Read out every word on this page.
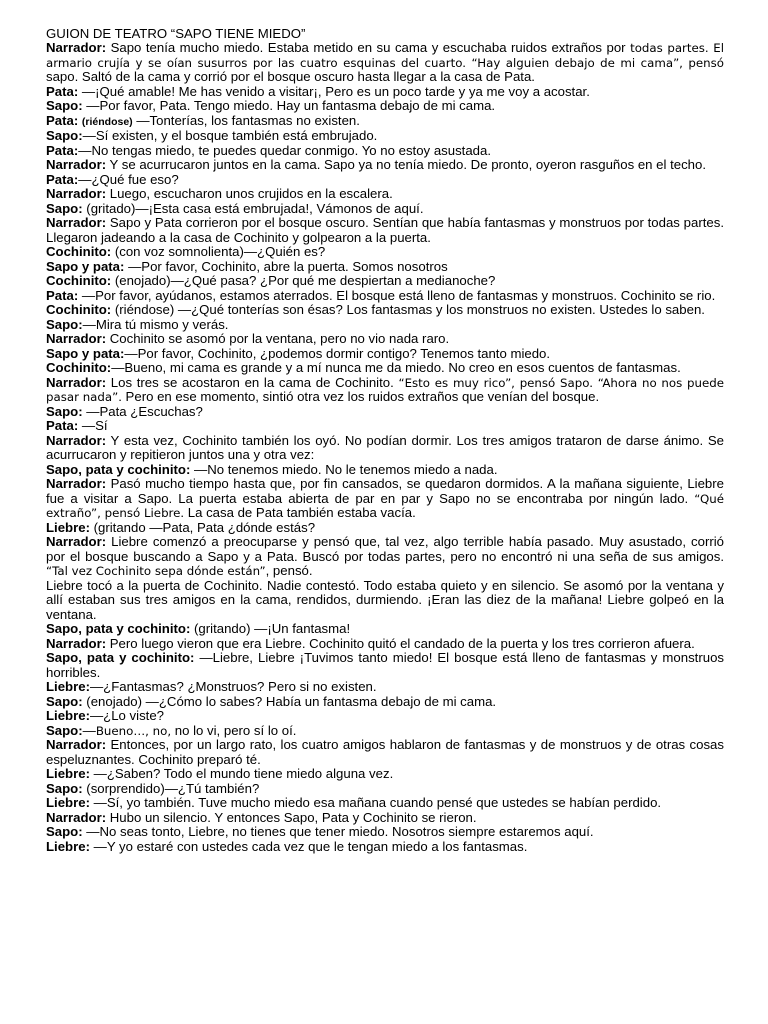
GUION DE TEATRO “SAPO TIENE MIEDO”

Narrador: Sapo tenía mucho miedo. Estaba metido en su cama y escuchaba ruidos extraños por todas partes. El armario crujía y se oían susurros por las cuatro esquinas del cuarto. “Hay alguien debajo de mi cama”, pensó sapo. Saltó de la cama y corrió por el bosque oscuro hasta llegar a la casa de Pata.

Pata: —¡Qué amable! Me has venido a visitar¡, Pero es un poco tarde y ya me voy a acostar.

Sapo: —Por favor, Pata. Tengo miedo. Hay un fantasma debajo de mi cama.

Pata: (riéndose) —Tonterías, los fantasmas no existen.

Sapo:—Sí existen, y el bosque también está embrujado.

Pata:—No tengas miedo, te puedes quedar conmigo. Yo no estoy asustada.

Narrador: Y se acurrucaron juntos en la cama. Sapo ya no tenía miedo. De pronto, oyeron rasguños en el techo.

Pata:—¿Qué fue eso?

Narrador: Luego, escucharon unos crujidos en la escalera.

Sapo: (gritado)—¡Esta casa está embrujada!, Vámonos de aquí.

Narrador: Sapo y Pata corrieron por el bosque oscuro. Sentían que había fantasmas y monstruos por todas partes. Llegaron jadeando a la casa de Cochinito y golpearon a la puerta.

Cochinito: (con voz somnolienta)—¿Quién es?

Sapo y pata: —Por favor, Cochinito, abre la puerta. Somos nosotros

Cochinito: (enojado)—¿Qué pasa? ¿Por qué me despiertan a medianoche?

Pata: —Por favor, ayúdanos, estamos aterrados. El bosque está lleno de fantasmas y monstruos. Cochinito se rio.

Cochinito: (riéndose) —¿Qué tonterías son ésas? Los fantasmas y los monstruos no existen. Ustedes lo saben.

Sapo:—Mira tú mismo y verás.

Narrador: Cochinito se asomó por la ventana, pero no vio nada raro.

Sapo y pata:—Por favor, Cochinito, ¿podemos dormir contigo? Tenemos tanto miedo.

Cochinito:—Bueno, mi cama es grande y a mí nunca me da miedo. No creo en esos cuentos de fantasmas.

Narrador: Los tres se acostaron en la cama de Cochinito. “Esto es muy rico”, pensó Sapo. “Ahora no nos puede pasar nada”. Pero en ese momento, sintió otra vez los ruidos extraños que venían del bosque.

Sapo: —Pata ¿Escuchas?

Pata: —Sí

Narrador: Y esta vez, Cochinito también los oyó. No podían dormir. Los tres amigos trataron de darse ánimo. Se acurrucaron y repitieron juntos una y otra vez:

Sapo, pata y cochinito: —No tenemos miedo. No le tenemos miedo a nada.

Narrador: Pasó mucho tiempo hasta que, por fin cansados, se quedaron dormidos. A la mañana siguiente, Liebre fue a visitar a Sapo. La puerta estaba abierta de par en par y Sapo no se encontraba por ningún lado. “Qué extraño”, pensó Liebre. La casa de Pata también estaba vacía.

Liebre: (gritando —Pata, Pata ¿dónde estás?

Narrador: Liebre comenzó a preocuparse y pensó que, tal vez, algo terrible había pasado. Muy asustado, corrió por el bosque buscando a Sapo y a Pata. Buscó por todas partes, pero no encontró ni una seña de sus amigos. “Tal vez Cochinito sepa dónde están”, pensó.

Liebre tocó a la puerta de Cochinito. Nadie contestó. Todo estaba quieto y en silencio. Se asomó por la ventana y allí estaban sus tres amigos en la cama, rendidos, durmiendo. ¡Eran las diez de la mañana! Liebre golpeó en la ventana.

Sapo, pata y cochinito: (gritando) —¡Un fantasma!

Narrador: Pero luego vieron que era Liebre. Cochinito quitó el candado de la puerta y los tres corrieron afuera.

Sapo, pata y cochinito: —Liebre, Liebre ¡Tuvimos tanto miedo! El bosque está lleno de fantasmas y monstruos horribles.

Liebre:—¿Fantasmas? ¿Monstruos? Pero si no existen.

Sapo: (enojado) —¿Cómo lo sabes? Había un fantasma debajo de mi cama.

Liebre:—¿Lo viste?

Sapo:—Bueno…, no, no lo vi, pero sí lo oí.

Narrador: Entonces, por un largo rato, los cuatro amigos hablaron de fantasmas y de monstruos y de otras cosas espeluznantes. Cochinito preparó té.

Liebre: —¿Saben? Todo el mundo tiene miedo alguna vez.

Sapo: (sorprendido)—¿Tú también?

Liebre: —Sí, yo también. Tuve mucho miedo esa mañana cuando pensé que ustedes se habían perdido.

Narrador: Hubo un silencio. Y entonces Sapo, Pata y Cochinito se rieron.

Sapo: —No seas tonto, Liebre, no tienes que tener miedo. Nosotros siempre estaremos aquí.

Liebre: —Y yo estaré con ustedes cada vez que le tengan miedo a los fantasmas.
